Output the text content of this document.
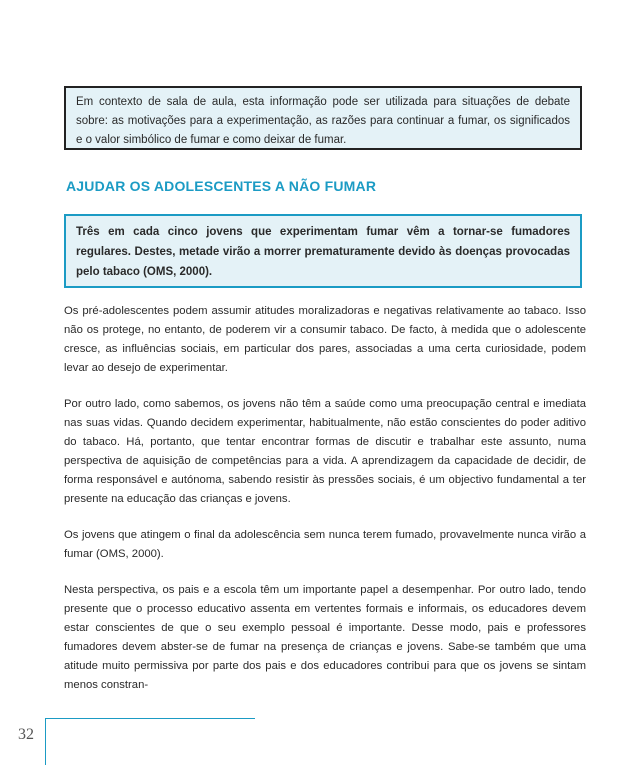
Em contexto de sala de aula, esta informação pode ser utilizada para situações de debate sobre: as motivações para a experimentação, as razões para continuar a fumar, os significados e o valor simbólico de fumar e como deixar de fumar.
AJUDAR OS ADOLESCENTES A NÃO FUMAR
Três em cada cinco jovens que experimentam fumar vêm a tornar-se fumadores regulares. Destes, metade virão a morrer prematuramente devido às doenças provocadas pelo tabaco (OMS, 2000).

Os pré-adolescentes podem assumir atitudes moralizadoras e negativas relativamente ao tabaco. Isso não os protege, no entanto, de poderem vir a consumir tabaco. De facto, à medida que o adolescente cresce, as influências sociais, em particular dos pares, associadas a uma certa curiosidade, podem levar ao desejo de experimentar.

Por outro lado, como sabemos, os jovens não têm a saúde como uma preocupação central e imediata nas suas vidas. Quando decidem experimentar, habitualmente, não estão conscientes do poder aditivo do tabaco. Há, portanto, que tentar encontrar formas de discutir e trabalhar este assunto, numa perspectiva de aquisição de competências para a vida. A aprendizagem da capacidade de decidir, de forma responsável e autónoma, sabendo resistir às pressões sociais, é um objectivo fundamental a ter presente na educação das crianças e jovens.

Os jovens que atingem o final da adolescência sem nunca terem fumado, provavelmente nunca virão a fumar (OMS, 2000).

Nesta perspectiva, os pais e a escola têm um importante papel a desempenhar. Por outro lado, tendo presente que o processo educativo assenta em vertentes formais e informais, os educadores devem estar conscientes de que o seu exemplo pessoal é importante. Desse modo, pais e professores fumadores devem abster-se de fumar na presença de crianças e jovens. Sabe-se também que uma atitude muito permissiva por parte dos pais e dos educadores contribui para que os jovens se sintam menos constran-

32
